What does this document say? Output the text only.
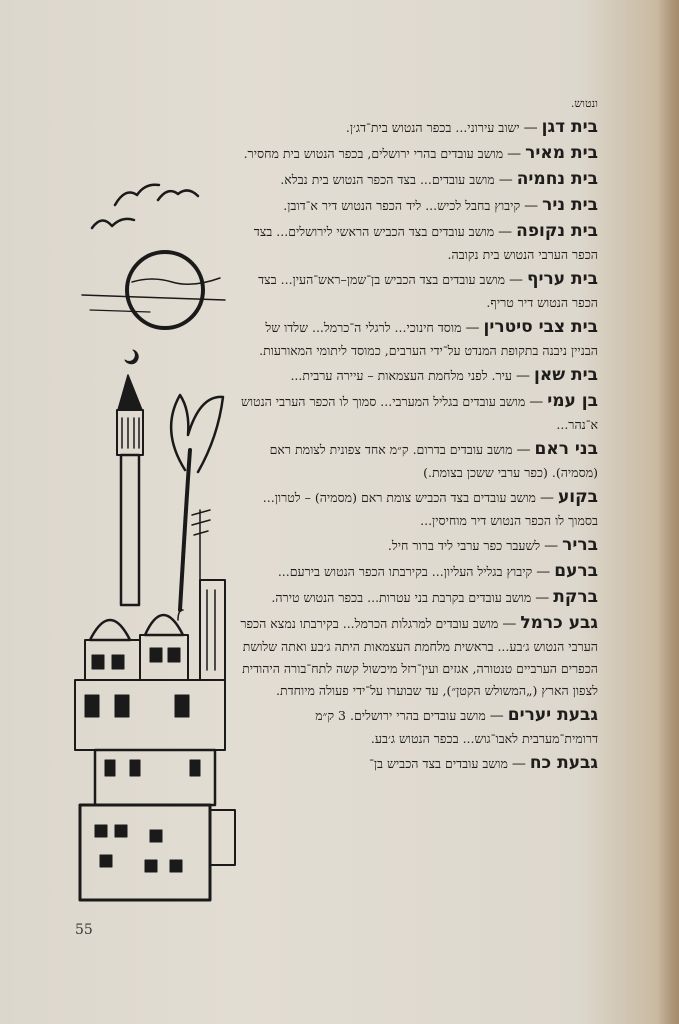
ונטוש.
בית דגן—ישוב עירוני... בכפר הנטוש בית־דג׳ן.
בית מאיר—מושב עובדים בהרי ירושלים, בכפר הנטוש בית מחסיר.
בית נחמיה—מושב עובדים... בצד הכפר הנטוש בית נבלא.
בית ניר—קיבוץ בחבל לכיש... ליד הכפר הנטוש דיר א־דובן.
בית נקופה—מושב עובדים בצד הכביש הראשי לירושלים... בצד הכפר הערבי הנטוש בית נקובה.
בית עריף—מושב עובדים בצד הכביש בן־שמן–ראש־העין... בצד הכפר הנטוש דיר טריף.
בית צבי סיטרין—מוסד חינוכי... לרגלי ה־כרמל... שלדו של הבניין ניבנה בתקופת המנדט על־ידי הערבים, כמוסד ליתומי המאורעות.
בית שאן—עיר. לפני מלחמת העצמאות – עיירה ערבית...
בן עמי—מושב עובדים בגליל המערבי... סמוך לו הכפר הערבי הנטוש א־נהר...
בני ראם—מושב עובדים בדרום. ק״מ אחד צפונית לצומת ראם (מסמיה). (כפר ערבי ששכן בצומת.)
בקוע—מושב עובדים בצד הכביש צומת ראם (מסמיה) – לטרון... בסמוך לו הכפר הנטוש דיר מוחיסין...
בריר—לשעבר כפר ערבי ליד ברור חיל.
ברעם—קיבוץ בגליל העליון... בקירבתו הכפר הנטוש בירעם...
ברקת—מושב עובדים בקרבת בני עטרות... בכפר הנטוש טירה.
גבע כרמל—מושב עובדים למרגלות הכרמל... בקירבתו נמצא הכפר הערבי הנטוש ג׳בע... בראשית מלחמת העצמאות היתה ג׳בע ואתה שלושת הכפרים הערביים טנטורה, אגזים ועין־רזל מיכשול קשה לתח־בורה היהודית לצפון הארץ („המשולש הקטן״), עד שבוערו על־ידי פעולה מיוחדת.
גבעת יערים—מושב עובדים בהרי ירושלים. 3 ק״מ דרומית־מערבית לאבו־גוש... בכפר הנטוש ג׳בע.
גבעת כח—מושב עובדים בצד הכביש בן־
55
